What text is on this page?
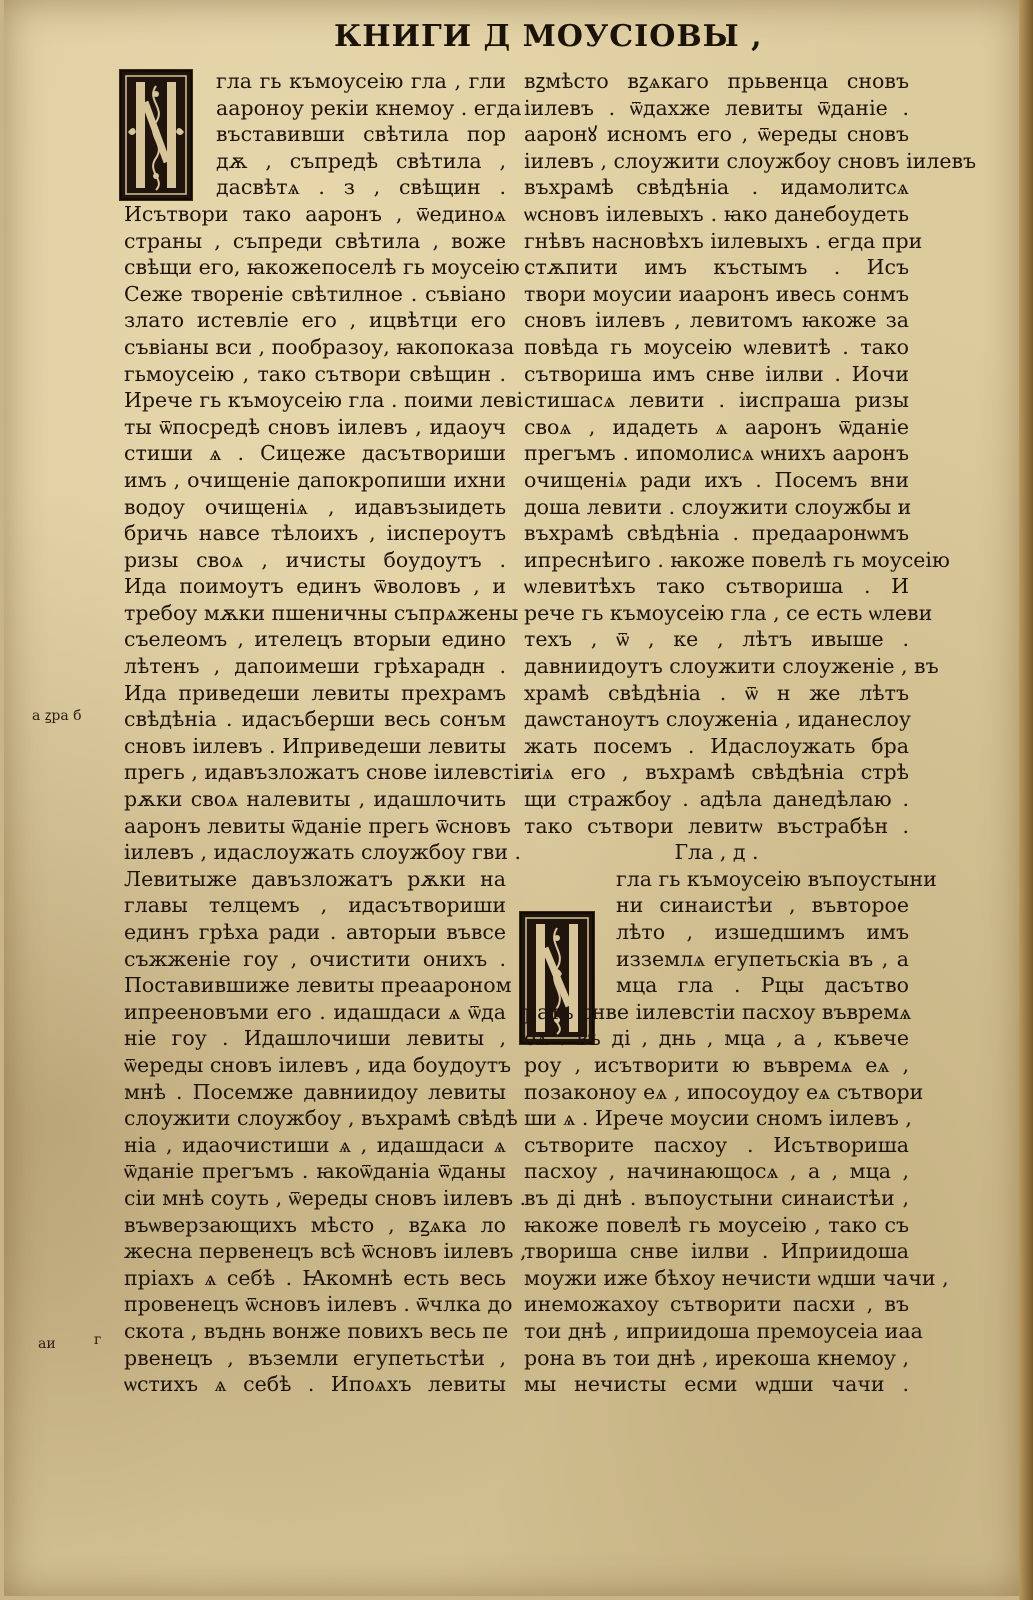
КНИГИ Д МОУСIОВЫ ,
а ꙁра б
аи	г
гла гь къмоусеiю гла , гли
аароноу рекiи кнемоу . егда
въставивши свѣтила пор
дѫ , съпредѣ свѣтила ,
дасвѣтѧ . з , свѣщин .
Исътвори тако ааронъ , ѿединоѧ
страны , съпреди свѣтила , воже
свѣщи его, ꙗкожепоселѣ гь моусеiю .
Сеже творенiе свѣтилное . съвiано
злато истевлiе его , ицвѣтци его
съвiаны вси , пообразоу, ꙗкопоказа
гьмоусеiю , тако сътвори свѣщин .
Ирече гь къмоусеiю гла . поими леві
ты ѿпосредѣ сновъ iилевъ , идаоуч
стиши ѧ . Сицеже дасътвориши
имъ , очищенiе дапокропиши ихни
водоу очищенiѧ , идавъзыидеть
бричь навсе тѣлоихъ , iисперoутъ
ризы своѧ , ичисты боудоутъ .
Ида поимоутъ единъ ѿволовъ , и
требоу мѫки пшеничны съпрѧжены
съелеомъ , ителецъ вторыи едино
лѣтенъ , дапоимеши грѣхарадн .
Ида приведеши левиты прехрамъ
свѣдѣнiа . идасъберши весь сонъм
сновъ iилевъ . Иприведеши левиты
прегь , идавъзложатъ снове iилевстiи
рѫки своѧ налевиты , идашлочить
ааронъ левиты ѿданiе прегь ѿсновъ
iилевъ , идаслоужать слоужбоу гви .
Левитыже давъзложатъ рѫки на
главы телцемъ , идасътвориши
единъ грѣха ради . авторыи въвсе
съжженiе гоу , очистити ониxъ .
Поставившиже левиты преаароном
ипрееновъми его . идашдаси ѧ ѿда
нiе гоу . Идашлочиши левиты ,
ѿереды сновъ iилевъ , ида боудоутъ
мнѣ . Посемже давниидоу левиты
слоужити слоужбоу , въхрамѣ свѣдѣ
нiа , идаочистиши ѧ , идашдаси ѧ
ѿданiе прегъмъ . ꙗкоѿданiа ѿданы
сiи мнѣ соуть , ѿереды сновъ iилевъ .
въѡверзающихъ мѣсто , вꙁѧка ло
жесна первенецъ всѣ ѿсновъ iилевъ ,
прiахъ ѧ себѣ . Ꙗкомнѣ есть весь
провенецъ ѿсновъ iилевъ . ѿчлка до
скота , въднь вонже повихъ весь пе
рвенецъ , въземли егупетьстѣи ,
ѡстихъ ѧ себѣ . Ипоѧхъ левиты
вꙁмѣсто вꙁѧкаго прьвенца сновъ
iилевъ . ѿдахже левиты ѿданiе .
ааронꙋ исномъ его , ѿереды сновъ
iилевъ , слоужити слоужбоу сновъ iилевъ
въхрамѣ свѣдѣнiа . идамолитсѧ
ѡсновъ iилевыхъ . ꙗко данебоудеть
гнѣвъ насновѣхъ iилевыхъ . егда при
стѫпити имъ къстымъ . Исъ
твори моусии иааронъ ивесь сонмъ
сновъ iилевъ , левитомъ ꙗкоже за
повѣда гь моусеiю ѡлевитѣ . тако
сътвориша имъ снве iилви . Иочи
стишасѧ левити . iиспраша ризы
своѧ , идадеть ѧ ааронъ ѿданiе
прегъмъ . ипомолисѧ ѡнихъ ааронъ
очищенiѧ ради ихъ . Посемъ вни
доша левити . слоужити слоужбы и
въхрамѣ свѣдѣнiа . предааронѡмъ
ипреснѣиго . ꙗкоже повелѣ гь моусеiю
ѡлевитѣхъ тако сътвориша . И
рече гь къмоусеiю гла , се есть ѡлеви
техъ , ѿ , ке , лѣтъ ивыше .
давниидоутъ слоужити слоуженiе , въ
храмѣ свѣдѣнiа . ѿ н же лѣтъ
даѡстаноутъ слоуженiа , иданеслоу
жать посемъ . Идаслоужать бра
тiѧ его , въхрамѣ свѣдѣнiа стрѣ
щи стражбоу . адѣла данедѣлаю .
тако сътвори левитѡ въстрабѣн .
Гла , д .
гла гь къмоусеiю въпоустыни
ни синаистѣи , въвторое
лѣто , изшедшимъ имъ
изземлѧ егупетьскiа въ , а
мца гла . Рцы дасътво
ратъ снве iилевстiи пасхоу въвремѧ
еѧ . въ дi , днь , мца , а , къвече
роу , исътворити ю въвремѧ еѧ ,
позаконоу еѧ , ипосоудоу еѧ сътвори
ши ѧ . Ирече моусии сномъ iилевъ ,
сътворите пасхоу . Исътвориша
пасхоу , начинающосѧ , а , мца ,
въ дi днѣ . въпоустыни синаистѣи ,
ꙗкоже повелѣ гь моусеiю , тако съ
твориша снве iилви . Иприидоша
моужи иже бѣхоу нечисти ѡдши чачи ,
инеможахоу сътворити пасхи , въ
тои днѣ , иприидоша премоусеiа иаа
рона въ тои днѣ , ирекоша кнемоу ,
мы нечисты есми ѡдши чачи .
